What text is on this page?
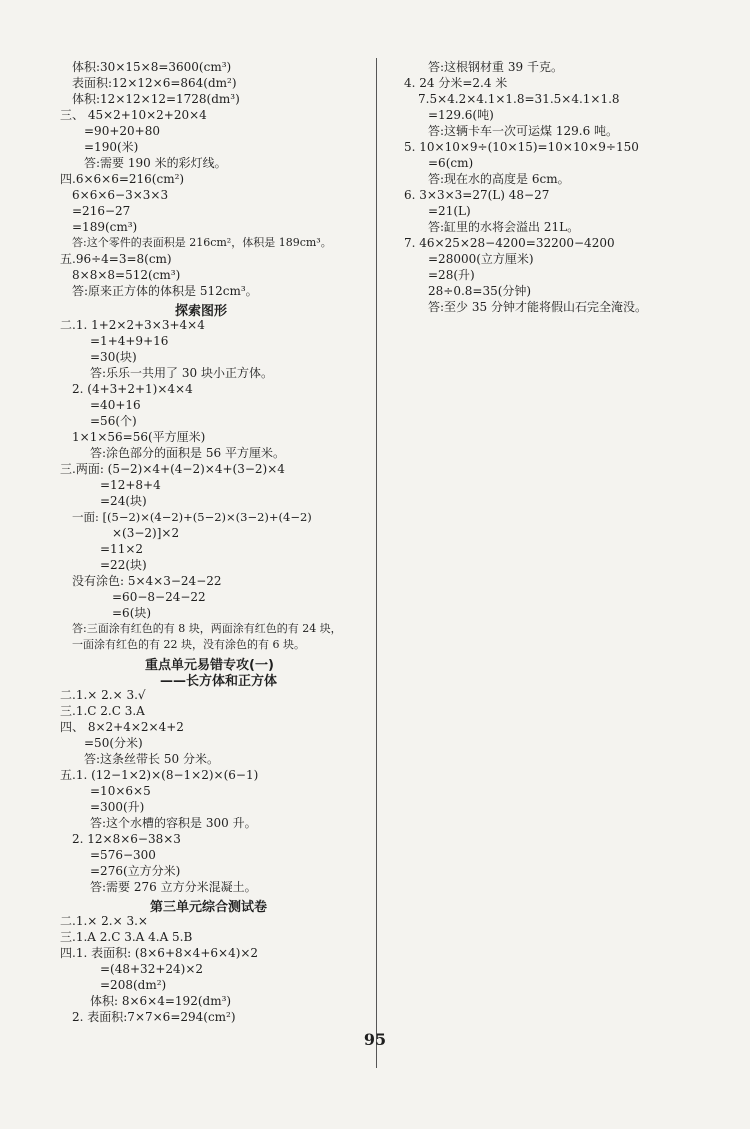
体积:30×15×8=3600(cm³)
表面积:12×12×6=864(dm²)
体积:12×12×12=1728(dm³)
三、 45×2+10×2+20×4
=90+20+80
=190(米)
答:需要 190 米的彩灯线。
四.6×6×6=216(cm²)
6×6×6−3×3×3
=216−27
=189(cm³)
答:这个零件的表面积是 216cm²，体积是 189cm³。
五.96÷4=3=8(cm)
8×8×8=512(cm³)
答:原来正方体的体积是 512cm³。
探索图形
二.1. 1+2×2+3×3+4×4
=1+4+9+16
=30(块)
答:乐乐一共用了 30 块小正方体。
2. (4+3+2+1)×4×4
=40+16
=56(个)
1×1×56=56(平方厘米)
答:涂色部分的面积是 56 平方厘米。
三.两面: (5−2)×4+(4−2)×4+(3−2)×4
=12+8+4
=24(块)
一面: [(5−2)×(4−2)+(5−2)×(3−2)+(4−2)
×(3−2)]×2
=11×2
=22(块)
没有涂色: 5×4×3−24−22
=60−8−24−22
=6(块)
答:三面涂有红色的有 8 块，两面涂有红色的有 24 块，
一面涂有红色的有 22 块，没有涂色的有 6 块。
重点单元易错专攻(一)
——长方体和正方体
二.1.× 2.× 3.√
三.1.C 2.C 3.A
四、 8×2+4×2×4+2
=50(分米)
答:这条丝带长 50 分米。
五.1. (12−1×2)×(8−1×2)×(6−1)
=10×6×5
=300(升)
答:这个水槽的容积是 300 升。
2. 12×8×6−38×3
=576−300
=276(立方分米)
答:需要 276 立方分米混凝土。
第三单元综合测试卷
二.1.× 2.× 3.×
三.1.A 2.C 3.A 4.A 5.B
四.1. 表面积: (8×6+8×4+6×4)×2
=(48+32+24)×2
=208(dm²)
体积: 8×6×4=192(dm³)
2. 表面积:7×7×6=294(cm²)
答:这根钢材重 39 千克。
4. 24 分米=2.4 米
7.5×4.2×4.1×1.8=31.5×4.1×1.8
=129.6(吨)
答:这辆卡车一次可运煤 129.6 吨。
5. 10×10×9÷(10×15)=10×10×9÷150
=6(cm)
答:现在水的高度是 6cm。
6. 3×3×3=27(L) 48−27
=21(L)
答:缸里的水将会溢出 21L。
7. 46×25×28−4200=32200−4200
=28000(立方厘米)
=28(升)
28÷0.8=35(分钟)
答:至少 35 分钟才能将假山石完全淹没。
95
